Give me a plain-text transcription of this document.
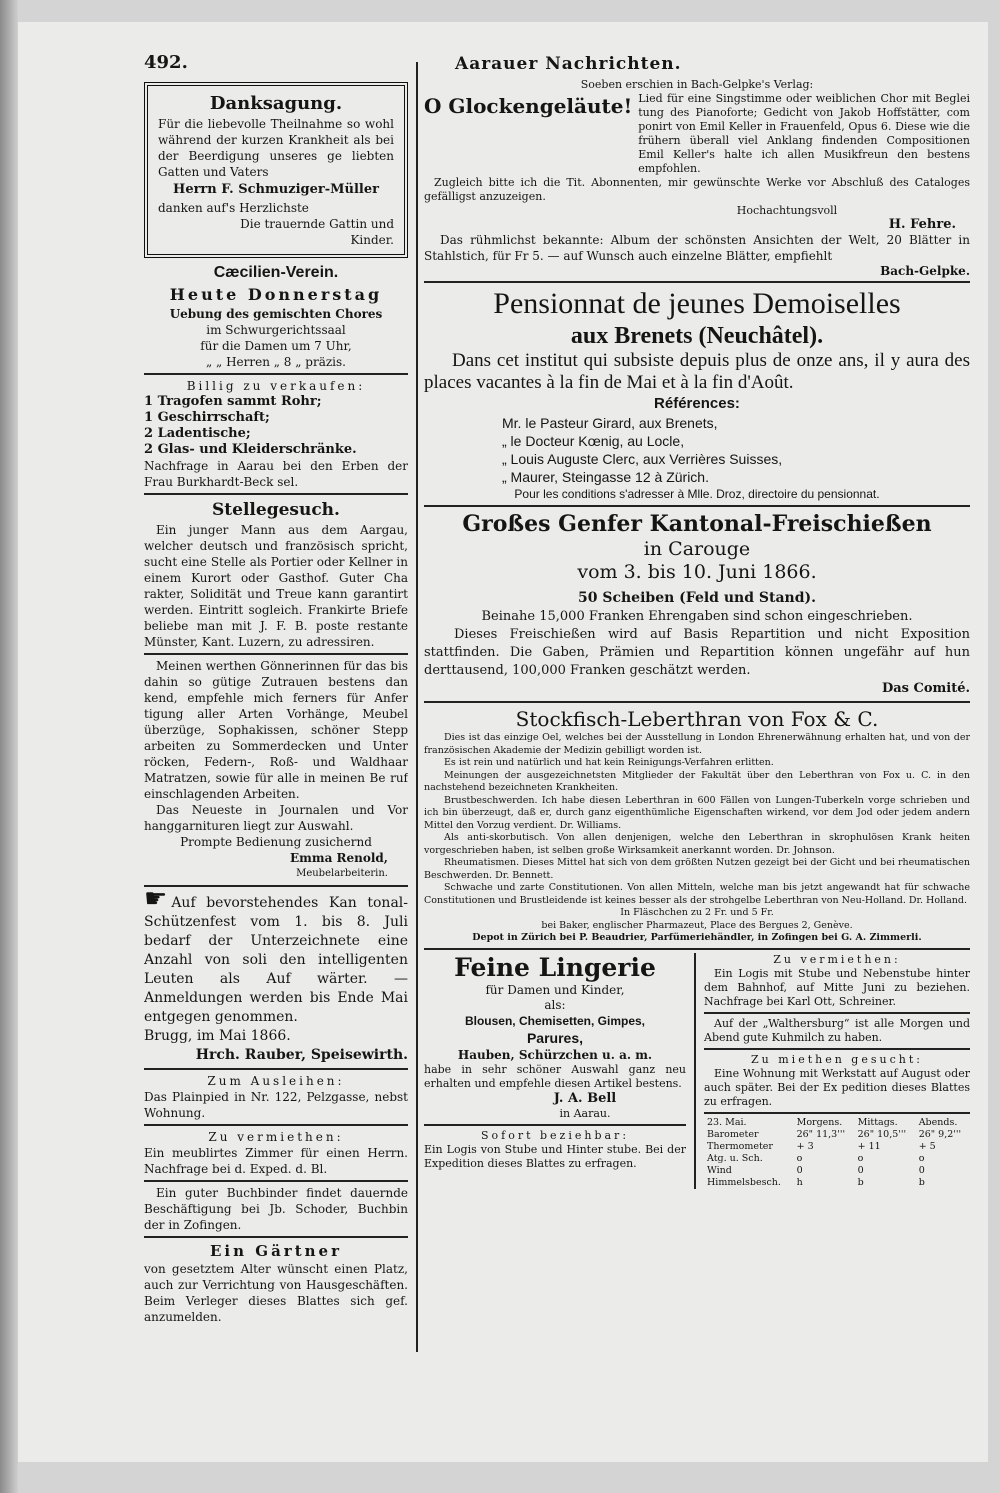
492.	Aarauer Nachrichten.
Danksagung.

Für die liebevolle Theilnahme so wohl während der kurzen Krankheit als bei der Beerdigung unseres ge liebten Gatten und Vaters

Herrn F. Schmuziger-Müller

danken auf's Herzlichste

Die trauernde Gattin und Kinder.

Cæcilien-Verein.
Heute Donnerstag
Uebung des gemischten Chores
im Schwurgerichtssaal
für die Damen um 7 Uhr,
„ „ Herren „ 8 „ präzis.
Billig zu verkaufen:
1 Tragofen sammt Rohr;
1 Geschirrschaft;
2 Ladentische;
2 Glas- und Kleiderschränke.

Nachfrage in Aarau bei den Erben der Frau Burkhardt-Beck sel.

Stellegesuch.

Ein junger Mann aus dem Aargau, welcher deutsch und französisch spricht, sucht eine Stelle als Portier oder Kellner in einem Kurort oder Gasthof. Guter Cha rakter, Solidität und Treue kann garantirt werden. Eintritt sogleich. Frankirte Briefe beliebe man mit J. F. B. poste restante Münster, Kant. Luzern, zu adressiren.

Meinen werthen Gönnerinnen für das bis dahin so gütige Zutrauen bestens dan kend, empfehle mich ferners für Anfer tigung aller Arten Vorhänge, Meubel überzüge, Sophakissen, schöner Stepp arbeiten zu Sommerdecken und Unter röcken, Federn-, Roß- und Waldhaar Matratzen, sowie für alle in meinen Be ruf einschlagenden Arbeiten.

Das Neueste in Journalen und Vor hanggarnituren liegt zur Auswahl.

Prompte Bedienung zusichernd

Emma Renold,

Meubelarbeiterin.

☛ Auf bevorstehendes Kan tonal-Schützenfest vom 1. bis 8. Juli bedarf der Unterzeichnete eine Anzahl von soli den intelligenten Leuten als Auf wärter. — Anmeldungen werden bis Ende Mai entgegen genommen.

Brugg, im Mai 1866.

Hrch. Rauber, Speisewirth.

Zum Ausleihen:

Das Plainpied in Nr. 122, Pelzgasse, nebst Wohnung.

Zu vermiethen:

Ein meublirtes Zimmer für einen Herrn. Nachfrage bei d. Exped. d. Bl.

Ein guter Buchbinder findet dauernde Beschäftigung bei Jb. Schoder, Buchbin der in Zofingen.

Ein Gärtner

von gesetztem Alter wünscht einen Platz, auch zur Verrichtung von Hausgeschäften. Beim Verleger dieses Blattes sich gef. anzumelden.

Soeben erschien in Bach-Gelpke's Verlag:
O Glockengeläute! Lied für eine Singstimme oder weiblichen Chor mit Beglei tung des Pianoforte; Gedicht von Jakob Hoffstätter, com ponirt von Emil Keller in Frauenfeld, Opus 6. Diese wie die frühern überall viel Anklang findenden Compositionen Emil Keller's halte ich allen Musikfreun den bestens empfohlen.

Zugleich bitte ich die Tit. Abonnenten, mir gewünschte Werke vor Abschluß des Cataloges gefälligst anzuzeigen.

Hochachtungsvoll

H. Fehre.

Das rühmlichst bekannte: Album der schönsten Ansichten der Welt, 20 Blätter in Stahlstich, für Fr 5. — auf Wunsch auch einzelne Blätter, empfiehlt

Bach-Gelpke.

Pensionnat de jeunes Demoiselles
aux Brenets (Neuchâtel).

Dans cet institut qui subsiste depuis plus de onze ans, il y aura des places vacantes à la fin de Mai et à la fin d'Août.

Références:
Mr. le Pasteur Girard, aux Brenets,
„ le Docteur Kœnig, au Locle,
„ Louis Auguste Clerc, aux Verrières Suisses,
„ Maurer, Steingasse 12 à Zürich.
Pour les conditions s'adresser à Mlle. Droz, directoire du pensionnat.
Großes Genfer Kantonal-Freischießen
in Carouge
vom 3. bis 10. Juni 1866.
50 Scheiben (Feld und Stand).
Beinahe 15,000 Franken Ehrengaben sind schon eingeschrieben.

Dieses Freischießen wird auf Basis Repartition und nicht Exposition stattfinden. Die Gaben, Prämien und Repartition können ungefähr auf hun derttausend, 100,000 Franken geschätzt werden.

Das Comité.

Stockfisch-Leberthran von Fox & C.

Dies ist das einzige Oel, welches bei der Ausstellung in London Ehrenerwähnung erhalten hat, und von der französischen Akademie der Medizin gebilligt worden ist.

Es ist rein und natürlich und hat kein Reinigungs-Verfahren erlitten.

Meinungen der ausgezeichnetsten Mitglieder der Fakultät über den Leberthran von Fox u. C. in den nachstehend bezeichneten Krankheiten.

Brustbeschwerden. Ich habe diesen Leberthran in 600 Fällen von Lungen-Tuberkeln vorge schrieben und ich bin überzeugt, daß er, durch ganz eigenthümliche Eigenschaften wirkend, vor dem Jod oder jedem andern Mittel den Vorzug verdient. Dr. Williams.

Als anti-skorbutisch. Von allen denjenigen, welche den Leberthran in skrophulösen Krank heiten vorgeschrieben haben, ist selben große Wirksamkeit anerkannt worden. Dr. Johnson.

Rheumatismen. Dieses Mittel hat sich von dem größten Nutzen gezeigt bei der Gicht und bei rheumatischen Beschwerden. Dr. Bennett.

Schwache und zarte Constitutionen. Von allen Mitteln, welche man bis jetzt angewandt hat für schwache Constitutionen und Brustleidende ist keines besser als der strohgelbe Leberthran von Neu-Holland. Dr. Holland.

In Fläschchen zu 2 Fr. und 5 Fr.

bei Baker, englischer Pharmazeut, Place des Bergues 2, Genève.

Depot in Zürich bei P. Beaudrier, Parfümeriehändler, in Zofingen bei G. A. Zimmerli.

Feine Lingerie
für Damen und Kinder,
als:
Blousen, Chemisetten, Gimpes,
Parures,
Hauben, Schürzchen u. a. m.

habe in sehr schöner Auswahl ganz neu erhalten und empfehle diesen Artikel bestens.

J. A. Bell
in Aarau.
Sofort beziehbar:

Ein Logis von Stube und Hinter stube. Bei der Expedition dieses Blattes zu erfragen.

Zu vermiethen:

Ein Logis mit Stube und Nebenstube hinter dem Bahnhof, auf Mitte Juni zu beziehen. Nachfrage bei Karl Ott, Schreiner.

Auf der „Walthersburg“ ist alle Morgen und Abend gute Kuhmilch zu haben.

Zu miethen gesucht:

Eine Wohnung mit Werkstatt auf August oder auch später. Bei der Ex pedition dieses Blattes zu erfragen.

23. Mai.	Morgens.	Mittags.	Abends.
Barometer	26" 11,3'''	26" 10,5'''	26" 9,2'''
Thermometer	+ 3	+ 11	+ 5
Atg. u. Sch.	o	o	o
Wind	0	0	0
Himmelsbesch.	h	b	b
